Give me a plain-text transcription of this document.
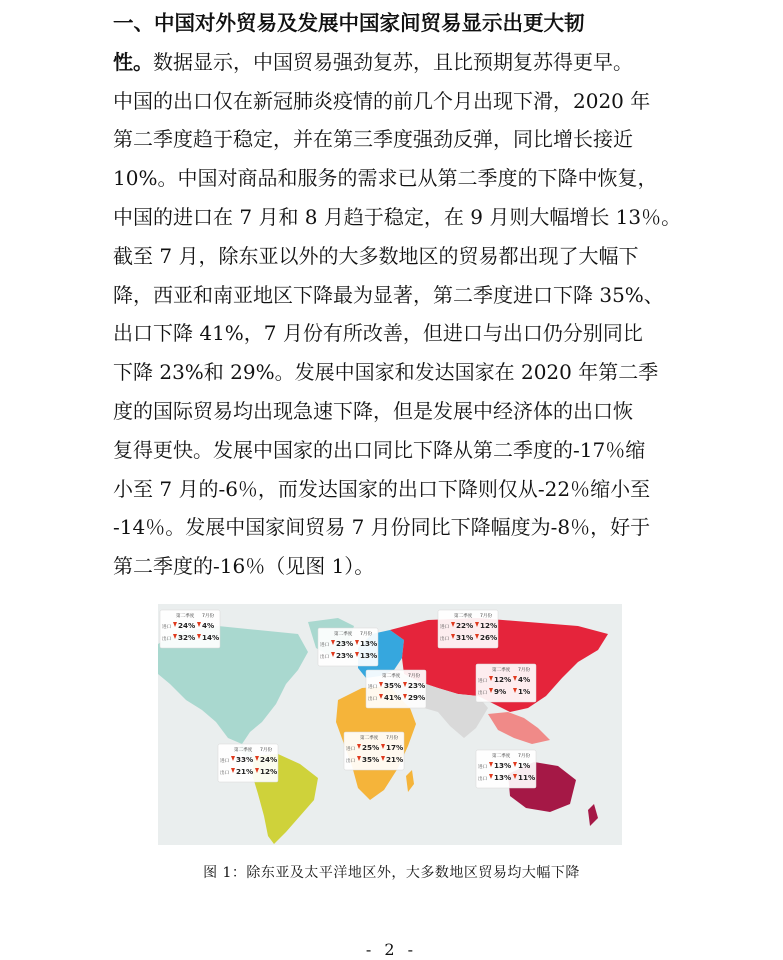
一、中国对外贸易及发展中国家间贸易显示出更大韧
性。数据显示，中国贸易强劲复苏，且比预期复苏得更早。
中国的出口仅在新冠肺炎疫情的前几个月出现下滑，2020 年
第二季度趋于稳定，并在第三季度强劲反弹，同比增长接近
10%。中国对商品和服务的需求已从第二季度的下降中恢复，
中国的进口在 7 月和 8 月趋于稳定，在 9 月则大幅增长 13％。
截至 7 月，除东亚以外的大多数地区的贸易都出现了大幅下
降，西亚和南亚地区下降最为显著，第二季度进口下降 35%、
出口下降 41%，7 月份有所改善，但进口与出口仍分别同比
下降 23%和 29%。发展中国家和发达国家在 2020 年第二季
度的国际贸易均出现急速下降，但是发展中经济体的出口恢
复得更快。发展中国家的出口同比下降从第二季度的-17％缩
小至 7 月的-6％，而发达国家的出口下降则仅从-22％缩小至
-14％。发展中国家间贸易 7 月份同比下降幅度为-8％，好于
第二季度的-16％（见图 1）。
第二季度 7月份
进口 24% 4%
出口 32% 14%	第二季度 7月份
进口 23% 13%
出口 23% 13%
第二季度 7月份
进口 22% 12%
出口 31% 26%
第二季度 7月份
进口 12% 4%
出口 9% 1%
第二季度 7月份
进口 35% 23%
出口 41% 29%
第二季度 7月份
进口 25% 17%
出口 35% 21%
第二季度 7月份
进口 33% 24%
出口 21% 12%
第二季度 7月份
进口 13% 1%
出口 13% 11%
图 1：除东亚及太平洋地区外，大多数地区贸易均大幅下降
- 2 -
